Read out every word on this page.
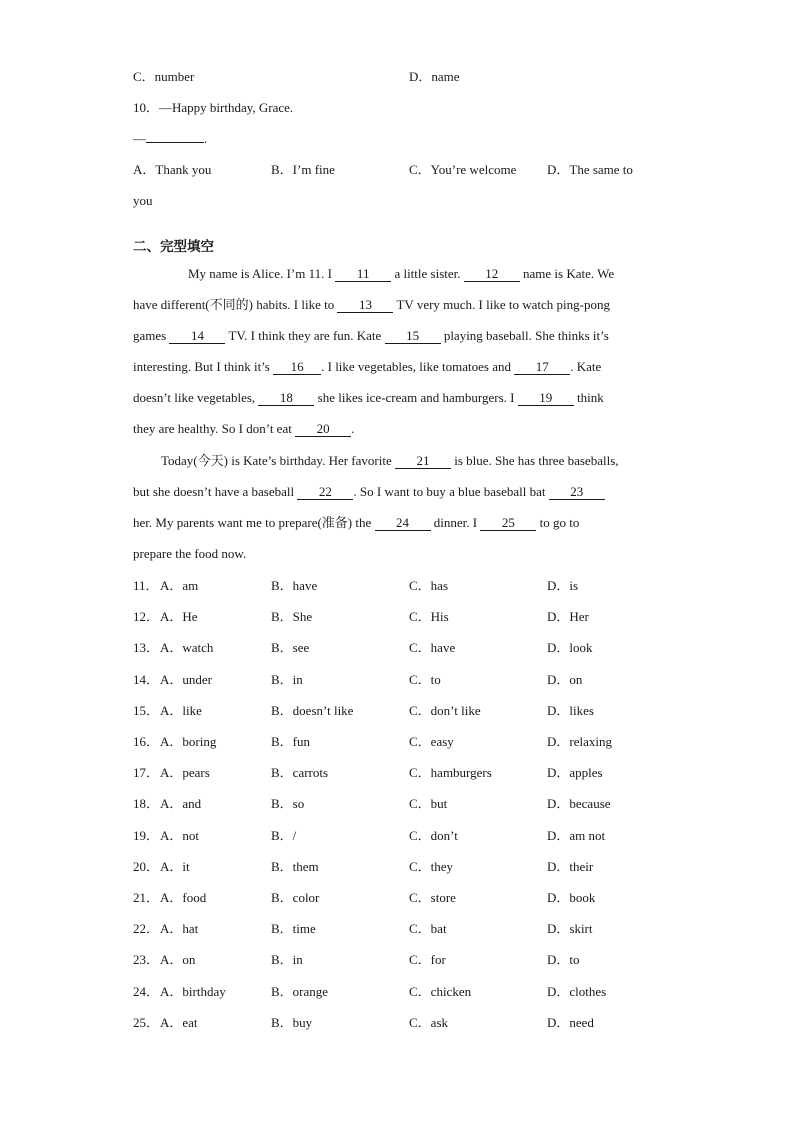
C．number	D．name
10．—Happy birthday, Grace.
—	.
A．Thank you	B．I’m fine	C．You’re welcome D．The same to
you
二、完型填空
My name is Alice. I’m 11. I 11 a little sister. 12 name is Kate. We
have different(不同的) habits. I like to 13 TV very much. I like to watch ping-pong
games 14 TV. I think they are fun. Kate 15 playing baseball. She thinks it’s
interesting. But I think it’s 16 . I like vegetables, like tomatoes and 17 . Kate
doesn’t like vegetables, 18 she likes ice-cream and hamburgers. I 19 think
they are healthy. So I don’t eat 20 .
Today(今天) is Kate’s birthday. Her favorite 21 is blue. She has three baseballs,
but she doesn’t have a baseball 22 . So I want to buy a blue baseball bat 23
her. My parents want me to prepare(准备) the 24 dinner. I 25 to go to
prepare the food now.
11． A．am	B．have	C．has	D．is
12． A．He	B．She	C．His	D．Her
13． A．watch	B．see	C．have	D．look
14． A．under	B．in	C．to	D．on
15． A．like	B．doesn’t like	C．don’t like	D．likes
16． A．boring	B．fun	C．easy	D．relaxing
17． A．pears	B．carrots	C．hamburgers	D．apples
18． A．and	B．so	C．but	D．because
19． A．not	B．/	C．don’t	D．am not
20． A．it	B．them	C．they	D．their
21． A．food	B．color	C．store	D．book
22． A．hat	B．time	C．bat	D．skirt
23． A．on	B．in	C．for	D．to
24． A．birthday	B．orange	C．chicken	D．clothes
25． A．eat	B．buy	C．ask	D．need
